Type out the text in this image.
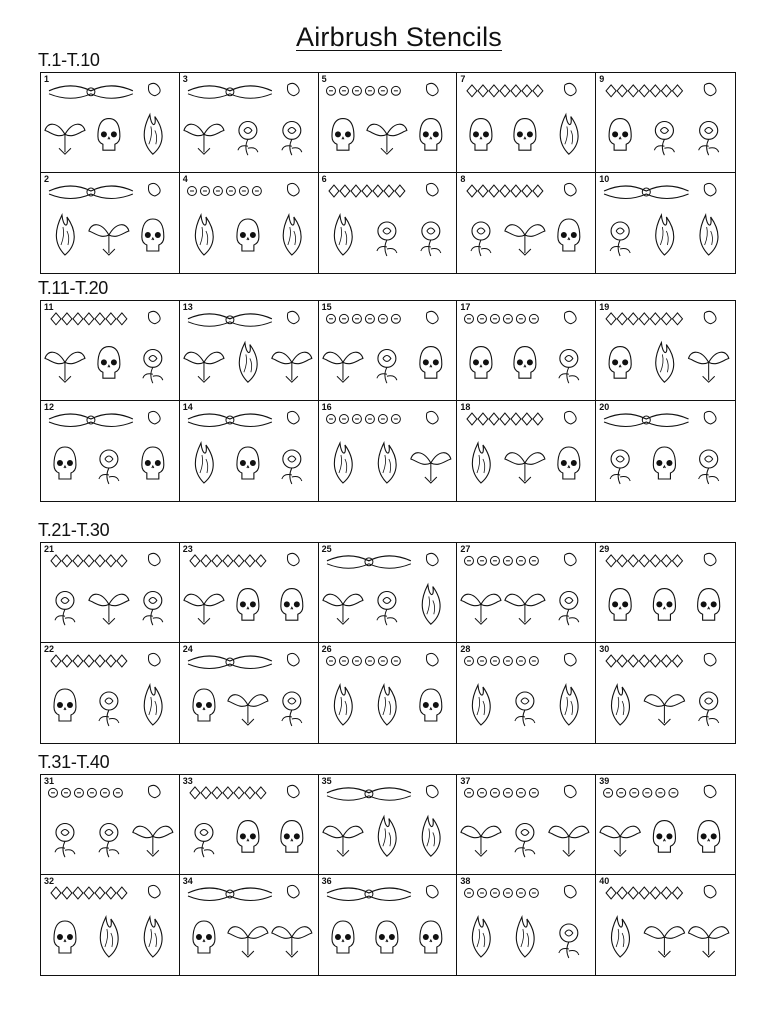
Airbrush Stencils
T.1-T.10
1	3	5	7	9
2	4	6	8	10
T.11-T.20
11	13	15	17	19
12	14	16	18	20
T.21-T.30
21	23	25	27	29
22	24	26	28	30
T.31-T.40
31	33	35	37	39
32	34	36	38	40
